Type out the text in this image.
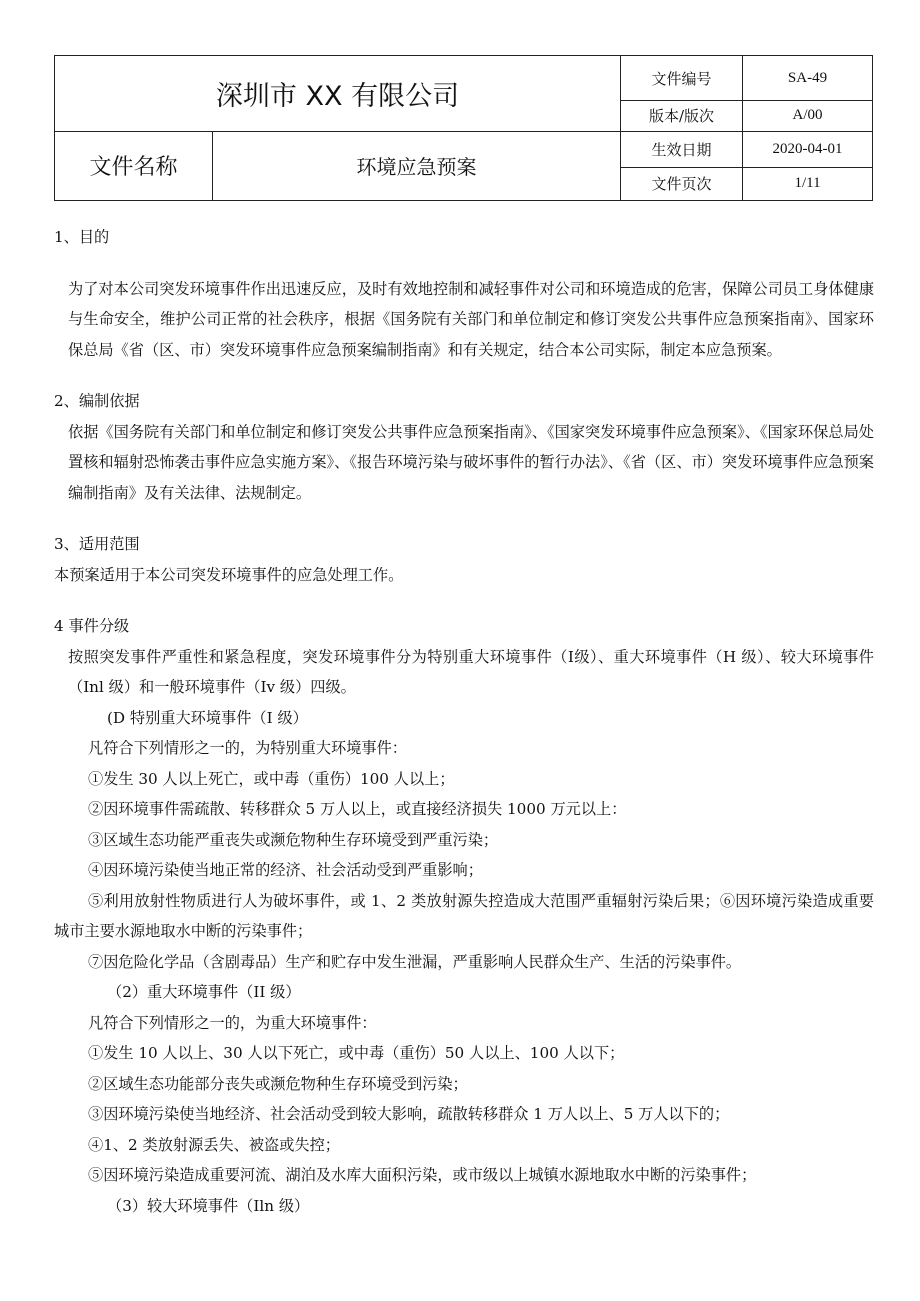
深圳市 XX 有限公司		文件编号	SA-49
		版本/版次	A/00
文件名称	环境应急预案	生效日期	2020-04-01
		文件页次	1/11

1、目的

为了对本公司突发环境事件作出迅速反应，及时有效地控制和减轻事件对公司和环境造成的危害，保障公司员工身体健康与生命安全，维护公司正常的社会秩序，根据《国务院有关部门和单位制定和修订突发公共事件应急预案指南》、国家环保总局《省（区、市）突发环境事件应急预案编制指南》和有关规定，结合本公司实际，制定本应急预案。

2、编制依据

依据《国务院有关部门和单位制定和修订突发公共事件应急预案指南》、《国家突发环境事件应急预案》、《国家环保总局处置核和辐射恐怖袭击事件应急实施方案》、《报告环境污染与破坏事件的暂行办法》、《省（区、市）突发环境事件应急预案编制指南》及有关法律、法规制定。

3、适用范围

本预案适用于本公司突发环境事件的应急处理工作。

4 事件分级

按照突发事件严重性和紧急程度，突发环境事件分为特别重大环境事件（Ⅰ级）、重大环境事件（H 级）、较大环境事件（Inl 级）和一般环境事件（Iv 级）四级。

(D 特别重大环境事件（I 级）

凡符合下列情形之一的，为特别重大环境事件：

①发生 30 人以上死亡，或中毒（重伤）100 人以上；

②因环境事件需疏散、转移群众 5 万人以上，或直接经济损失 1000 万元以上：

③区域生态功能严重丧失或濒危物种生存环境受到严重污染；

④因环境污染使当地正常的经济、社会活动受到严重影响；

⑤利用放射性物质进行人为破坏事件，或 1、2 类放射源失控造成大范围严重辐射污染后果；⑥因环境污染造成重要城市主要水源地取水中断的污染事件；

⑦因危险化学品（含剧毒品）生产和贮存中发生泄漏，严重影响人民群众生产、生活的污染事件。

（2）重大环境事件（II 级）

凡符合下列情形之一的，为重大环境事件：

①发生 10 人以上、30 人以下死亡，或中毒（重伤）50 人以上、100 人以下；

②区域生态功能部分丧失或濒危物种生存环境受到污染；

③因环境污染使当地经济、社会活动受到较大影响，疏散转移群众 1 万人以上、5 万人以下的；

④1、2 类放射源丢失、被盗或失控；

⑤因环境污染造成重要河流、湖泊及水库大面积污染，或市级以上城镇水源地取水中断的污染事件；

（3）较大环境事件（Iln 级）
